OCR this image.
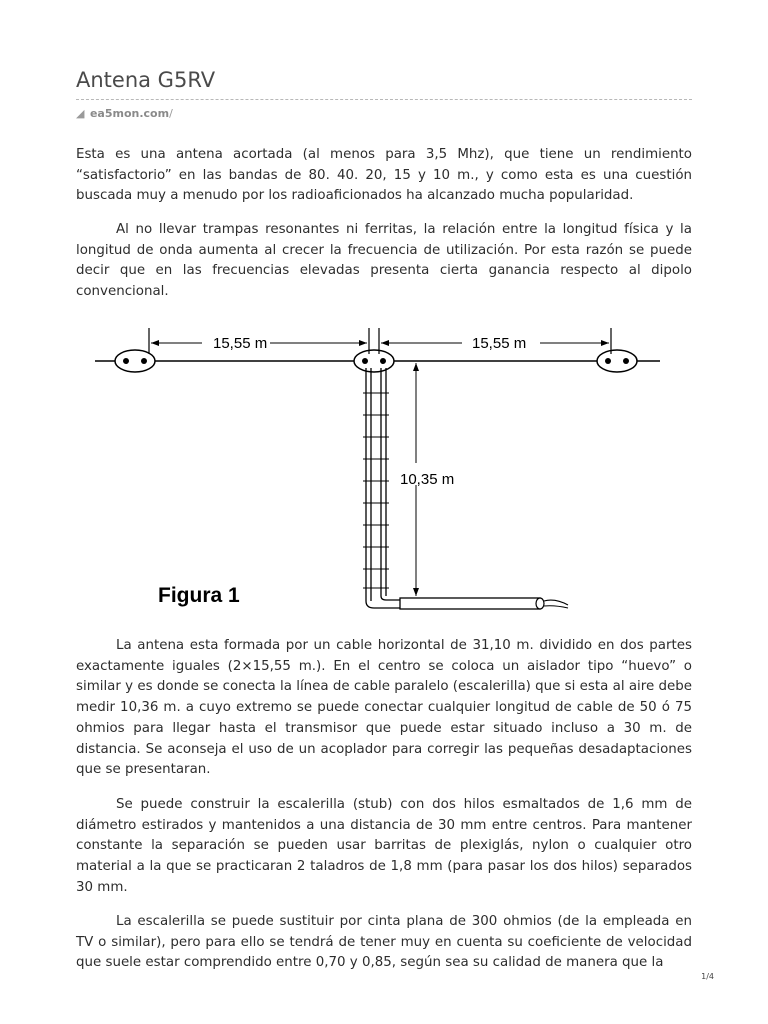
Antena G5RV
◢ ea5mon.com/
Esta es una antena acortada (al menos para 3,5 Mhz), que tiene un rendimiento “satisfactorio” en las bandas de 80. 40. 20, 15 y 10 m., y como esta es una cuestión buscada muy a menudo por los radioaficionados ha alcanzado mucha popularidad.
Al no llevar trampas resonantes ni ferritas, la relación entre la longitud física y la longitud de onda aumenta al crecer la frecuencia de utilización. Por esta razón se puede decir que en las frecuencias elevadas presenta cierta ganancia respecto al dipolo convencional.
15,55 m	15,55 m
10,35 m
Figura 1
La antena esta formada por un cable horizontal de 31,10 m. dividido en dos partes exactamente iguales (2×15,55 m.). En el centro se coloca un aislador tipo “huevo” o similar y es donde se conecta la línea de cable paralelo (escalerilla) que si esta al aire debe medir 10,36 m. a cuyo extremo se puede conectar cualquier longitud de cable de 50 ó 75 ohmios para llegar hasta el transmisor que puede estar situado incluso a 30 m. de distancia. Se aconseja el uso de un acoplador para corregir las pequeñas desadaptaciones que se presentaran.
Se puede construir la escalerilla (stub) con dos hilos esmaltados de 1,6 mm de diámetro estirados y mantenidos a una distancia de 30 mm entre centros. Para mantener constante la separación se pueden usar barritas de plexiglás, nylon o cualquier otro material a la que se practicaran 2 taladros de 1,8 mm (para pasar los dos hilos) separados 30 mm.
La escalerilla se puede sustituir por cinta plana de 300 ohmios (de la empleada en TV o similar), pero para ello se tendrá de tener muy en cuenta su coeficiente de velocidad que suele estar comprendido entre 0,70 y 0,85, según sea su calidad de manera que la
1/4
